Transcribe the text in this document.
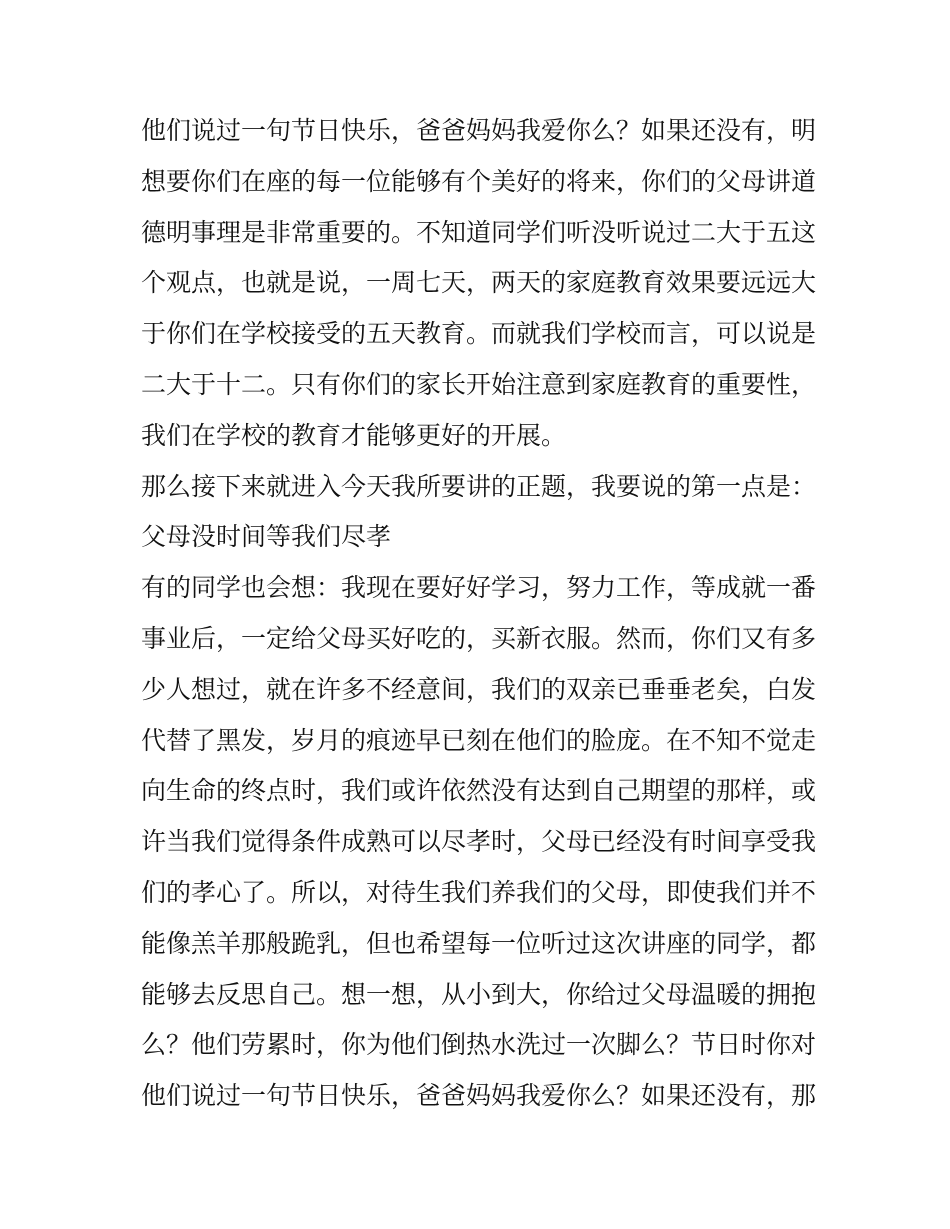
他们说过一句节日快乐，爸爸妈妈我爱你么？如果还没有，明
想要你们在座的每一位能够有个美好的将来，你们的父母讲道
德明事理是非常重要的。不知道同学们听没听说过二大于五这
个观点，也就是说，一周七天，两天的家庭教育效果要远远大
于你们在学校接受的五天教育。而就我们学校而言，可以说是
二大于十二。只有你们的家长开始注意到家庭教育的重要性，
我们在学校的教育才能够更好的开展。
那么接下来就进入今天我所要讲的正题，我要说的第一点是：
父母没时间等我们尽孝
有的同学也会想：我现在要好好学习，努力工作，等成就一番
事业后，一定给父母买好吃的，买新衣服。然而，你们又有多
少人想过，就在许多不经意间，我们的双亲已垂垂老矣，白发
代替了黑发，岁月的痕迹早已刻在他们的脸庞。在不知不觉走
向生命的终点时，我们或许依然没有达到自己期望的那样，或
许当我们觉得条件成熟可以尽孝时，父母已经没有时间享受我
们的孝心了。所以，对待生我们养我们的父母，即使我们并不
能像羔羊那般跪乳，但也希望每一位听过这次讲座的同学，都
能够去反思自己。想一想，从小到大，你给过父母温暖的拥抱
么？他们劳累时，你为他们倒热水洗过一次脚么？节日时你对
他们说过一句节日快乐，爸爸妈妈我爱你么？如果还没有，那
